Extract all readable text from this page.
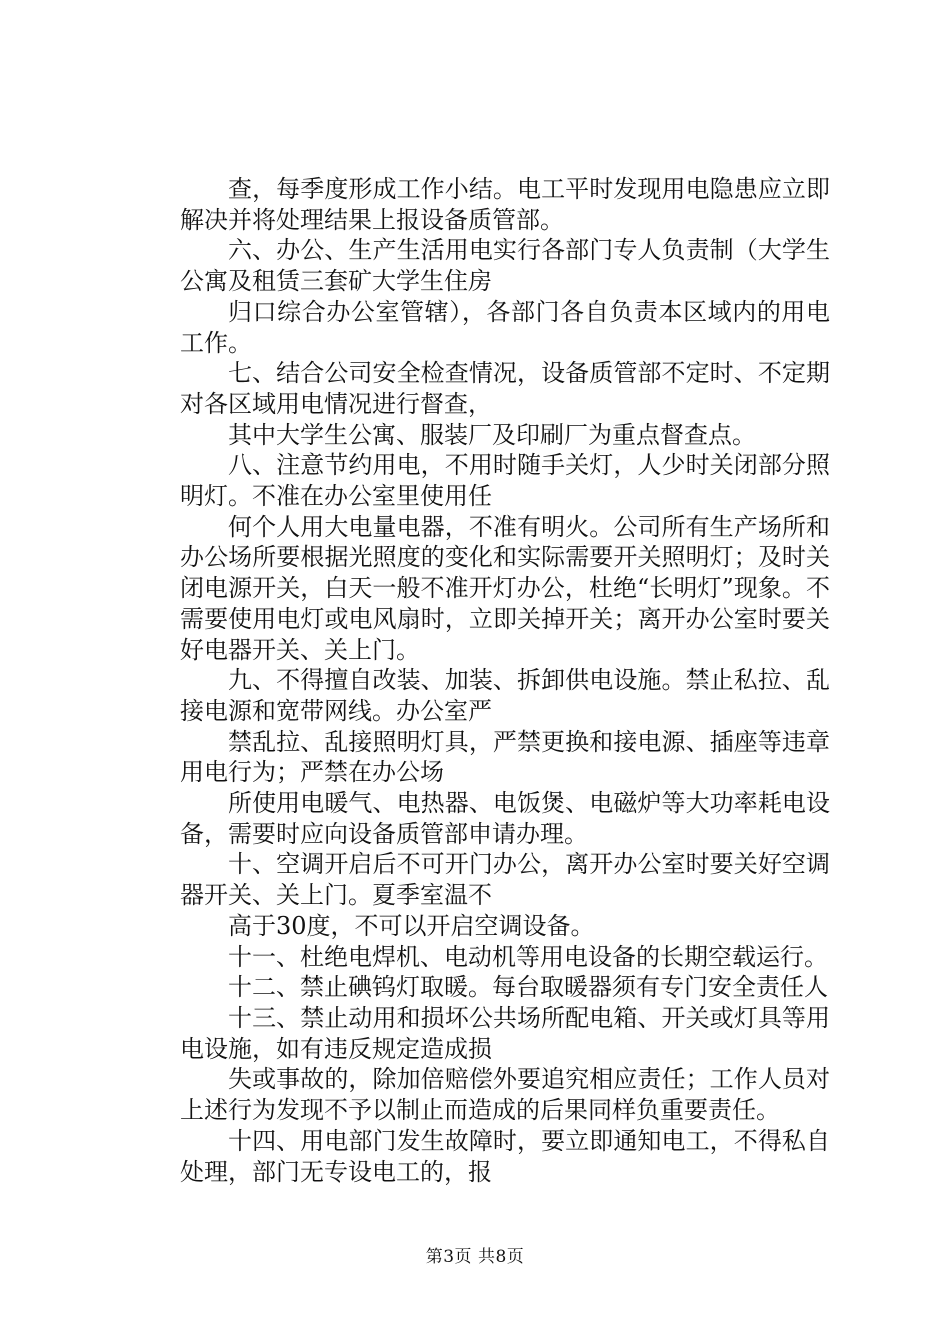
查，每季度形成工作小结。电工平时发现用电隐患应立即解决并将处理结果上报设备质管部。

六、办公、生产生活用电实行各部门专人负责制（大学生公寓及租赁三套矿大学生住房

归口综合办公室管辖），各部门各自负责本区域内的用电工作。

七、结合公司安全检查情况，设备质管部不定时、不定期对各区域用电情况进行督查，

其中大学生公寓、服装厂及印刷厂为重点督查点。

八、注意节约用电，不用时随手关灯，人少时关闭部分照明灯。不准在办公室里使用任

何个人用大电量电器，不准有明火。公司所有生产场所和办公场所要根据光照度的变化和实际需要开关照明灯；及时关闭电源开关，白天一般不准开灯办公，杜绝“长明灯”现象。不需要使用电灯或电风扇时，立即关掉开关；离开办公室时要关好电器开关、关上门。

九、不得擅自改装、加装、拆卸供电设施。禁止私拉、乱接电源和宽带网线。办公室严

禁乱拉、乱接照明灯具，严禁更换和接电源、插座等违章用电行为；严禁在办公场

所使用电暖气、电热器、电饭煲、电磁炉等大功率耗电设备，需要时应向设备质管部申请办理。

十、空调开启后不可开门办公，离开办公室时要关好空调器开关、关上门。夏季室温不

高于30度，不可以开启空调设备。

十一、杜绝电焊机、电动机等用电设备的长期空载运行。

十二、禁止碘钨灯取暖。每台取暖器须有专门安全责任人

十三、禁止动用和损坏公共场所配电箱、开关或灯具等用电设施，如有违反规定造成损

失或事故的，除加倍赔偿外要追究相应责任；工作人员对上述行为发现不予以制止而造成的后果同样负重要责任。

十四、用电部门发生故障时，要立即通知电工，不得私自处理，部门无专设电工的，报

第3页 共8页
